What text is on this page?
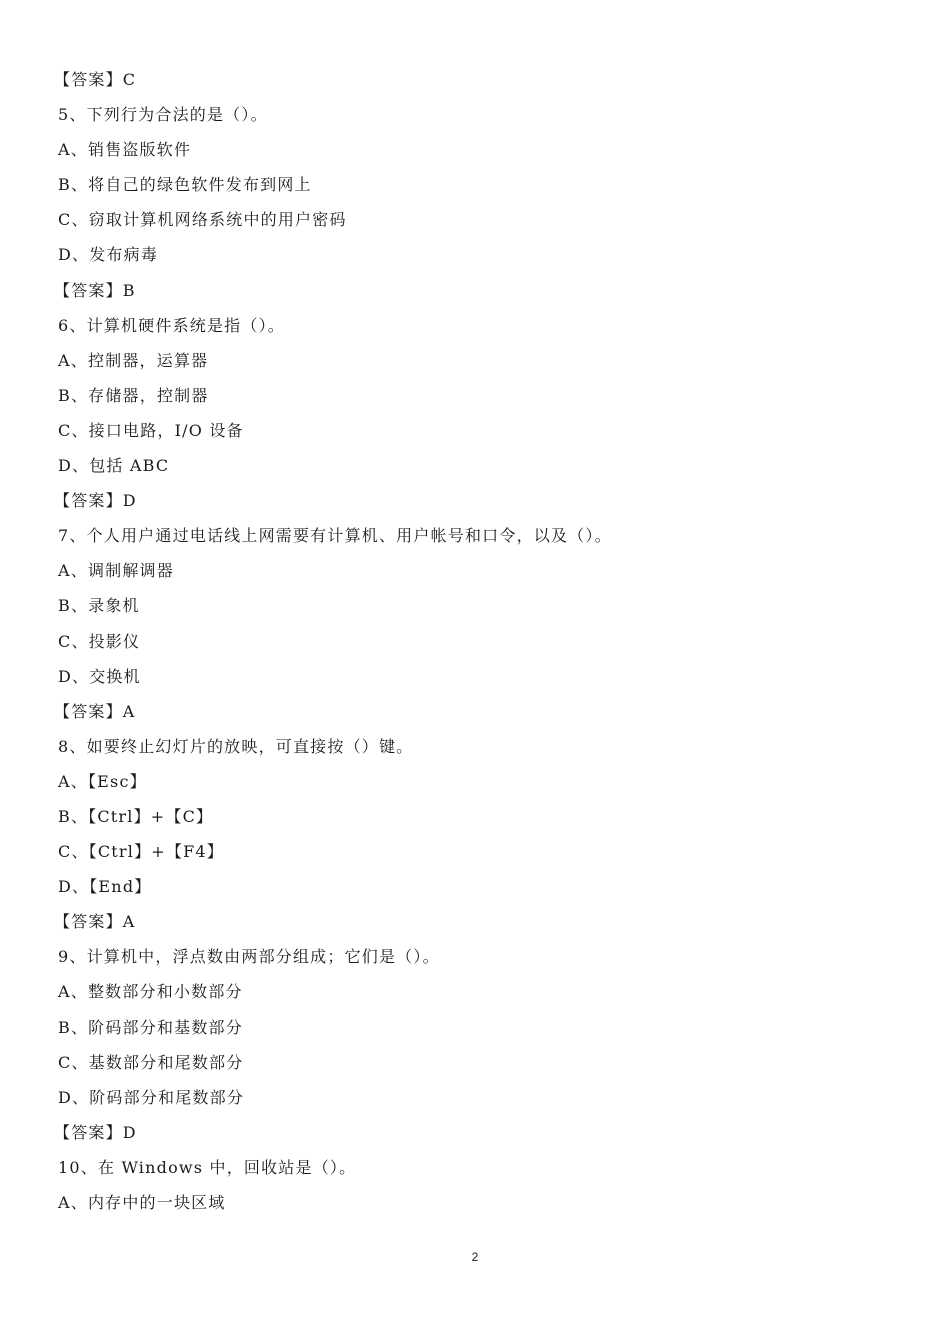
【答案】C
5、下列行为合法的是（）。
A、销售盗版软件
B、将自己的绿色软件发布到网上
C、窃取计算机网络系统中的用户密码
D、发布病毒
【答案】B
6、计算机硬件系统是指（）。
A、控制器，运算器
B、存储器，控制器
C、接口电路，I/O 设备
D、包括 ABC
【答案】D
7、个人用户通过电话线上网需要有计算机、用户帐号和口令，以及（）。
A、调制解调器
B、录象机
C、投影仪
D、交换机
【答案】A
8、如要终止幻灯片的放映，可直接按（）键。
A、【Esc】
B、【Ctrl】+【C】
C、【Ctrl】+【F4】
D、【End】
【答案】A
9、计算机中，浮点数由两部分组成；它们是（）。
A、整数部分和小数部分
B、阶码部分和基数部分
C、基数部分和尾数部分
D、阶码部分和尾数部分
【答案】D
10、在 Windows 中，回收站是（）。
A、内存中的一块区域
2
